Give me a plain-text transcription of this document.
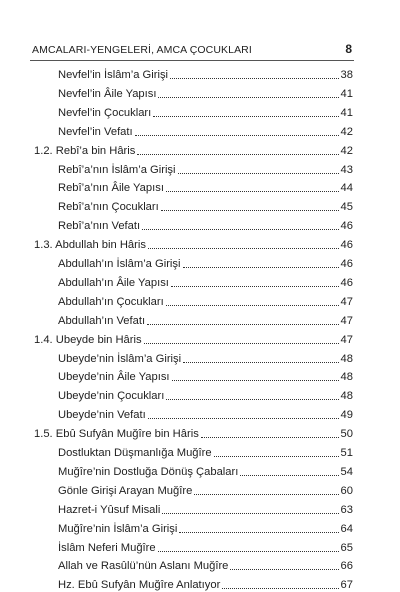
AMCALARI-YENGELERİ, AMCA ÇOCUKLARI	8
Nevfel’in İslâm’a Girişi	38
Nevfel’in Âile Yapısı	41
Nevfel’in Çocukları	41
Nevfel’in Vefatı	42
1.2. Rebî’a bin Hâris	42
Rebî’a’nın İslâm’a Girişi	43
Rebî’a’nın Âile Yapısı	44
Rebî’a’nın Çocukları	45
Rebî’a’nın Vefatı	46
1.3. Abdullah bin Hâris	46
Abdullah’ın İslâm’a Girişi	46
Abdullah’ın Âile Yapısı	46
Abdullah’ın Çocukları	47
Abdullah’ın Vefatı	47
1.4. Ubeyde bin Hâris	47
Ubeyde’nin İslâm’a Girişi	48
Ubeyde’nin Âile Yapısı	48
Ubeyde’nin Çocukları	48
Ubeyde’nin Vefatı	49
1.5. Ebû Sufyân Muğîre bin Hâris	50
Dostluktan Düşmanlığa Muğîre	51
Muğîre’nin Dostluğa Dönüş Çabaları	54
Gönle Girişi Arayan Muğîre	60
Hazret-i Yûsuf Misali	63
Muğîre’nin İslâm’a Girişi	64
İslâm Neferi Muğîre	65
Allah ve Rasûlü’nün Aslanı Muğîre	66
Hz. Ebû Sufyân Muğîre Anlatıyor	67
